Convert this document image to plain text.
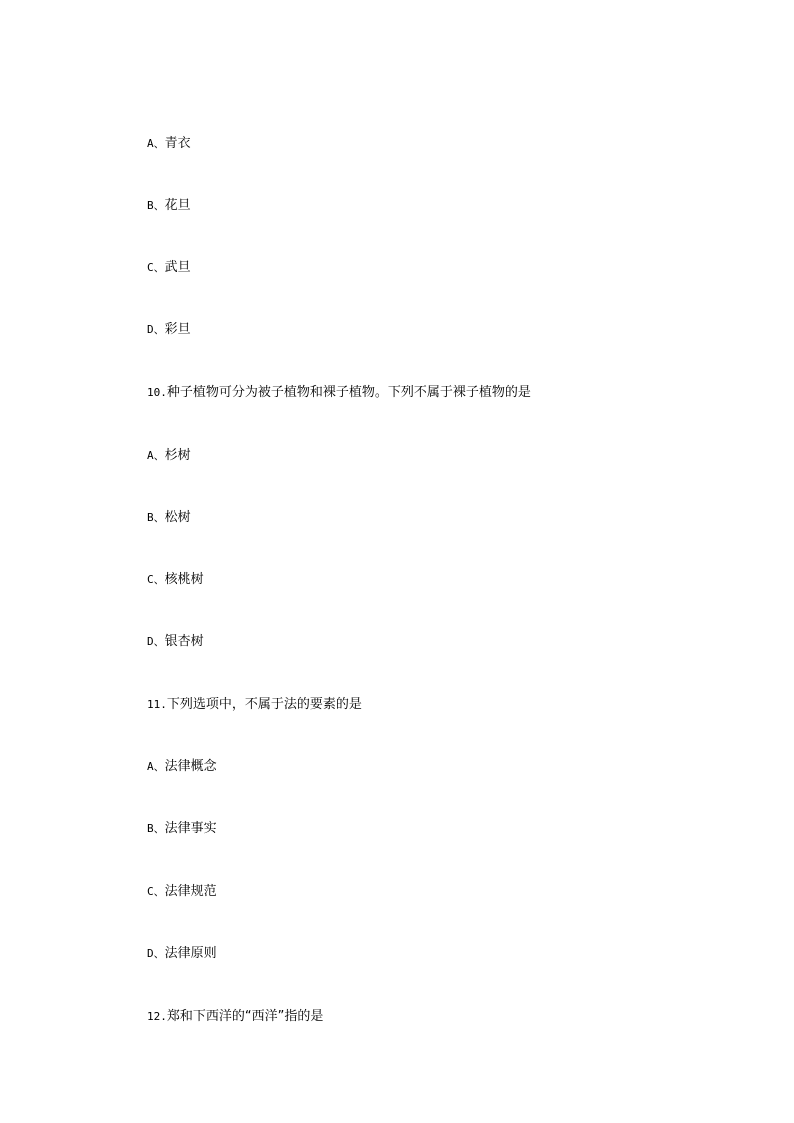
A、青衣
B、花旦
C、武旦
D、彩旦
10.种子植物可分为被子植物和裸子植物。下列不属于裸子植物的是
A、杉树
B、松树
C、核桃树
D、银杏树
11.下列选项中，不属于法的要素的是
A、法律概念
B、法律事实
C、法律规范
D、法律原则
12.郑和下西洋的“西洋”指的是
